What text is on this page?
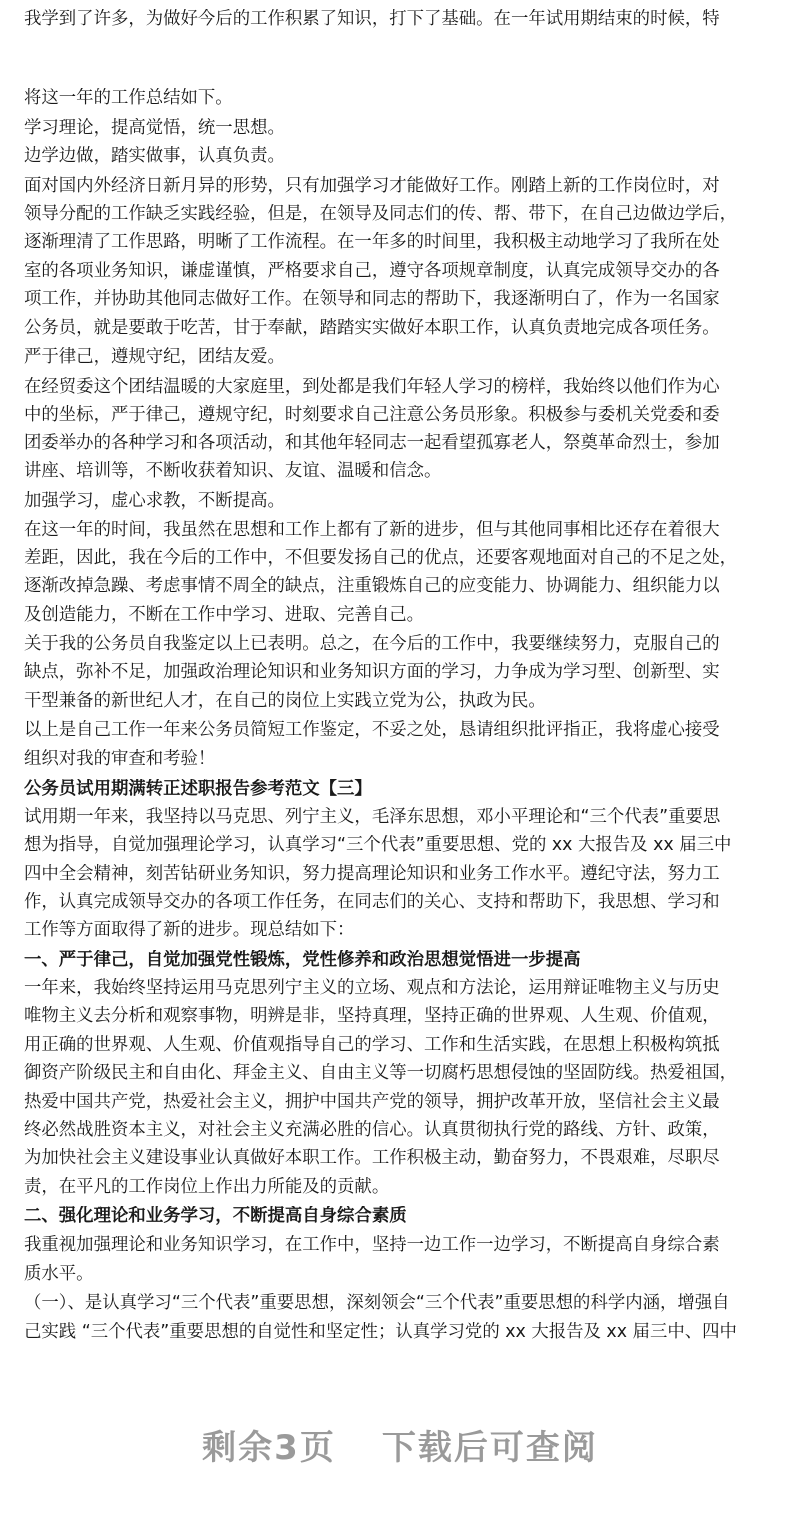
我学到了许多，为做好今后的工作积累了知识，打下了基础。在一年试用期结束的时候，特
将这一年的工作总结如下。
学习理论，提高觉悟，统一思想。
边学边做，踏实做事，认真负责。
面对国内外经济日新月异的形势，只有加强学习才能做好工作。刚踏上新的工作岗位时，对
领导分配的工作缺乏实践经验，但是，在领导及同志们的传、帮、带下，在自己边做边学后，
逐渐理清了工作思路，明晰了工作流程。在一年多的时间里，我积极主动地学习了我所在处
室的各项业务知识，谦虚谨慎，严格要求自己，遵守各项规章制度，认真完成领导交办的各
项工作，并协助其他同志做好工作。在领导和同志的帮助下，我逐渐明白了，作为一名国家
公务员，就是要敢于吃苦，甘于奉献，踏踏实实做好本职工作，认真负责地完成各项任务。
严于律己，遵规守纪，团结友爱。
在经贸委这个团结温暖的大家庭里，到处都是我们年轻人学习的榜样，我始终以他们作为心
中的坐标，严于律己，遵规守纪，时刻要求自己注意公务员形象。积极参与委机关党委和委
团委举办的各种学习和各项活动，和其他年轻同志一起看望孤寡老人，祭奠革命烈士，参加
讲座、培训等，不断收获着知识、友谊、温暖和信念。
加强学习，虚心求教，不断提高。
在这一年的时间，我虽然在思想和工作上都有了新的进步，但与其他同事相比还存在着很大
差距，因此，我在今后的工作中，不但要发扬自己的优点，还要客观地面对自己的不足之处，
逐渐改掉急躁、考虑事情不周全的缺点，注重锻炼自己的应变能力、协调能力、组织能力以
及创造能力，不断在工作中学习、进取、完善自己。
关于我的公务员自我鉴定以上已表明。总之，在今后的工作中，我要继续努力，克服自己的
缺点，弥补不足，加强政治理论知识和业务知识方面的学习，力争成为学习型、创新型、实
干型兼备的新世纪人才，在自己的岗位上实践立党为公，执政为民。
以上是自己工作一年来公务员简短工作鉴定，不妥之处，恳请组织批评指正，我将虚心接受
组织对我的审查和考验！
公务员试用期满转正述职报告参考范文【三】
试用期一年来，我坚持以马克思、列宁主义，毛泽东思想，邓小平理论和“三个代表”重要思
想为指导，自觉加强理论学习，认真学习“三个代表”重要思想、党的 xx 大报告及 xx 届三中
四中全会精神，刻苦钻研业务知识，努力提高理论知识和业务工作水平。遵纪守法，努力工
作，认真完成领导交办的各项工作任务，在同志们的关心、支持和帮助下，我思想、学习和
工作等方面取得了新的进步。现总结如下：
一、严于律己，自觉加强党性锻炼，党性修养和政治思想觉悟进一步提高
一年来，我始终坚持运用马克思列宁主义的立场、观点和方法论，运用辩证唯物主义与历史
唯物主义去分析和观察事物，明辨是非，坚持真理，坚持正确的世界观、人生观、价值观，
用正确的世界观、人生观、价值观指导自己的学习、工作和生活实践，在思想上积极构筑抵
御资产阶级民主和自由化、拜金主义、自由主义等一切腐朽思想侵蚀的坚固防线。热爱祖国，
热爱中国共产党，热爱社会主义，拥护中国共产党的领导，拥护改革开放，坚信社会主义最
终必然战胜资本主义，对社会主义充满必胜的信心。认真贯彻执行党的路线、方针、政策，
为加快社会主义建设事业认真做好本职工作。工作积极主动，勤奋努力，不畏艰难，尽职尽
责，在平凡的工作岗位上作出力所能及的贡献。
二、强化理论和业务学习，不断提高自身综合素质
我重视加强理论和业务知识学习，在工作中，坚持一边工作一边学习，不断提高自身综合素
质水平。
（一）、是认真学习“三个代表”重要思想，深刻领会“三个代表”重要思想的科学内涵，增强自
己实践 “三个代表”重要思想的自觉性和坚定性；认真学习党的 xx 大报告及 xx 届三中、四中
剩余3页 下载后可查阅
